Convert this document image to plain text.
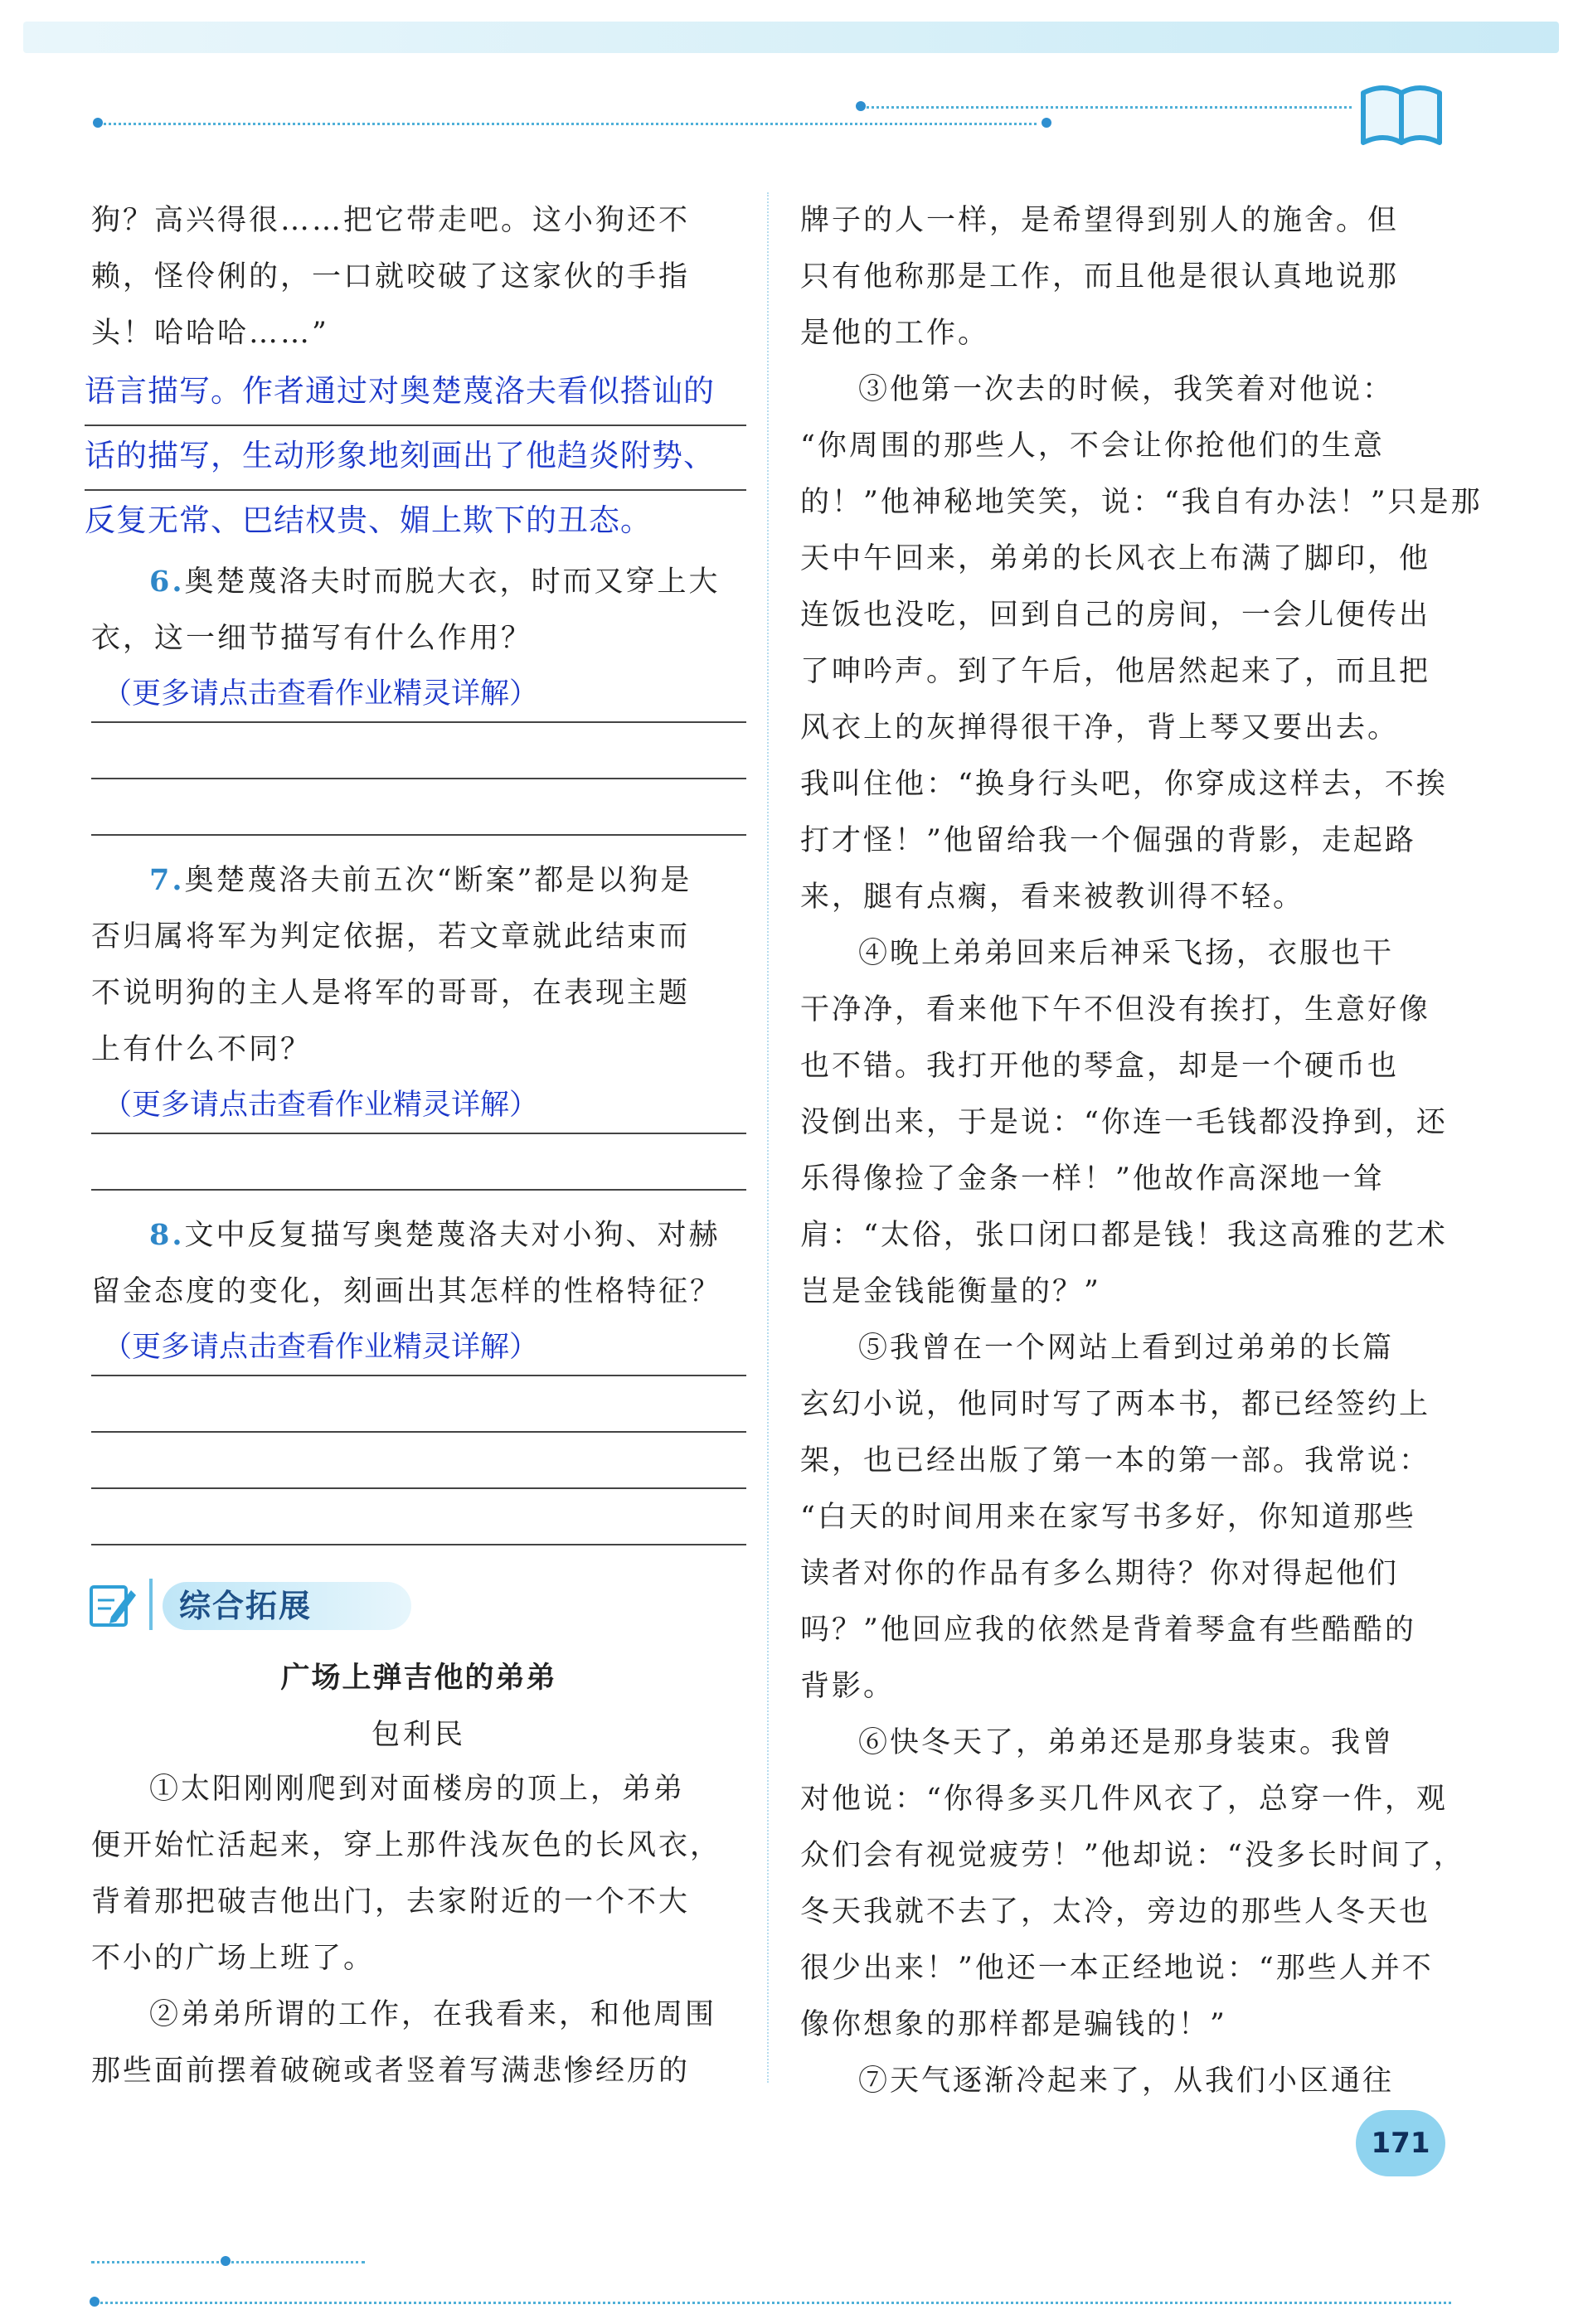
狗？高兴得很……把它带走吧。这小狗还不
赖，怪伶俐的，一口就咬破了这家伙的手指
头！哈哈哈……”
语言描写。作者通过对奥楚蔑洛夫看似搭讪的
话的描写，生动形象地刻画出了他趋炎附势、
反复无常、巴结权贵、媚上欺下的丑态。
6.奥楚蔑洛夫时而脱大衣，时而又穿上大
衣，这一细节描写有什么作用？
（更多请点击查看作业精灵详解）
7.奥楚蔑洛夫前五次“断案”都是以狗是
否归属将军为判定依据，若文章就此结束而
不说明狗的主人是将军的哥哥，在表现主题
上有什么不同？
（更多请点击查看作业精灵详解）
8.文中反复描写奥楚蔑洛夫对小狗、对赫
留金态度的变化，刻画出其怎样的性格特征？
（更多请点击查看作业精灵详解）
综合拓展
广场上弹吉他的弟弟
包利民
①太阳刚刚爬到对面楼房的顶上，弟弟
便开始忙活起来，穿上那件浅灰色的长风衣，
背着那把破吉他出门，去家附近的一个不大
不小的广场上班了。
②弟弟所谓的工作，在我看来，和他周围
那些面前摆着破碗或者竖着写满悲惨经历的
牌子的人一样，是希望得到别人的施舍。但
只有他称那是工作，而且他是很认真地说那
是他的工作。
③他第一次去的时候，我笑着对他说：
“你周围的那些人，不会让你抢他们的生意
的！”他神秘地笑笑，说：“我自有办法！”只是那
天中午回来，弟弟的长风衣上布满了脚印，他
连饭也没吃，回到自己的房间，一会儿便传出
了呻吟声。到了午后，他居然起来了，而且把
风衣上的灰掸得很干净，背上琴又要出去。
我叫住他：“换身行头吧，你穿成这样去，不挨
打才怪！”他留给我一个倔强的背影，走起路
来，腿有点瘸，看来被教训得不轻。
④晚上弟弟回来后神采飞扬，衣服也干
干净净，看来他下午不但没有挨打，生意好像
也不错。我打开他的琴盒，却是一个硬币也
没倒出来，于是说：“你连一毛钱都没挣到，还
乐得像捡了金条一样！”他故作高深地一耸
肩：“太俗，张口闭口都是钱！我这高雅的艺术
岂是金钱能衡量的？”
⑤我曾在一个网站上看到过弟弟的长篇
玄幻小说，他同时写了两本书，都已经签约上
架，也已经出版了第一本的第一部。我常说：
“白天的时间用来在家写书多好，你知道那些
读者对你的作品有多么期待？你对得起他们
吗？”他回应我的依然是背着琴盒有些酷酷的
背影。
⑥快冬天了，弟弟还是那身装束。我曾
对他说：“你得多买几件风衣了，总穿一件，观
众们会有视觉疲劳！”他却说：“没多长时间了，
冬天我就不去了，太冷，旁边的那些人冬天也
很少出来！”他还一本正经地说：“那些人并不
像你想象的那样都是骗钱的！”
⑦天气逐渐冷起来了，从我们小区通往
171
